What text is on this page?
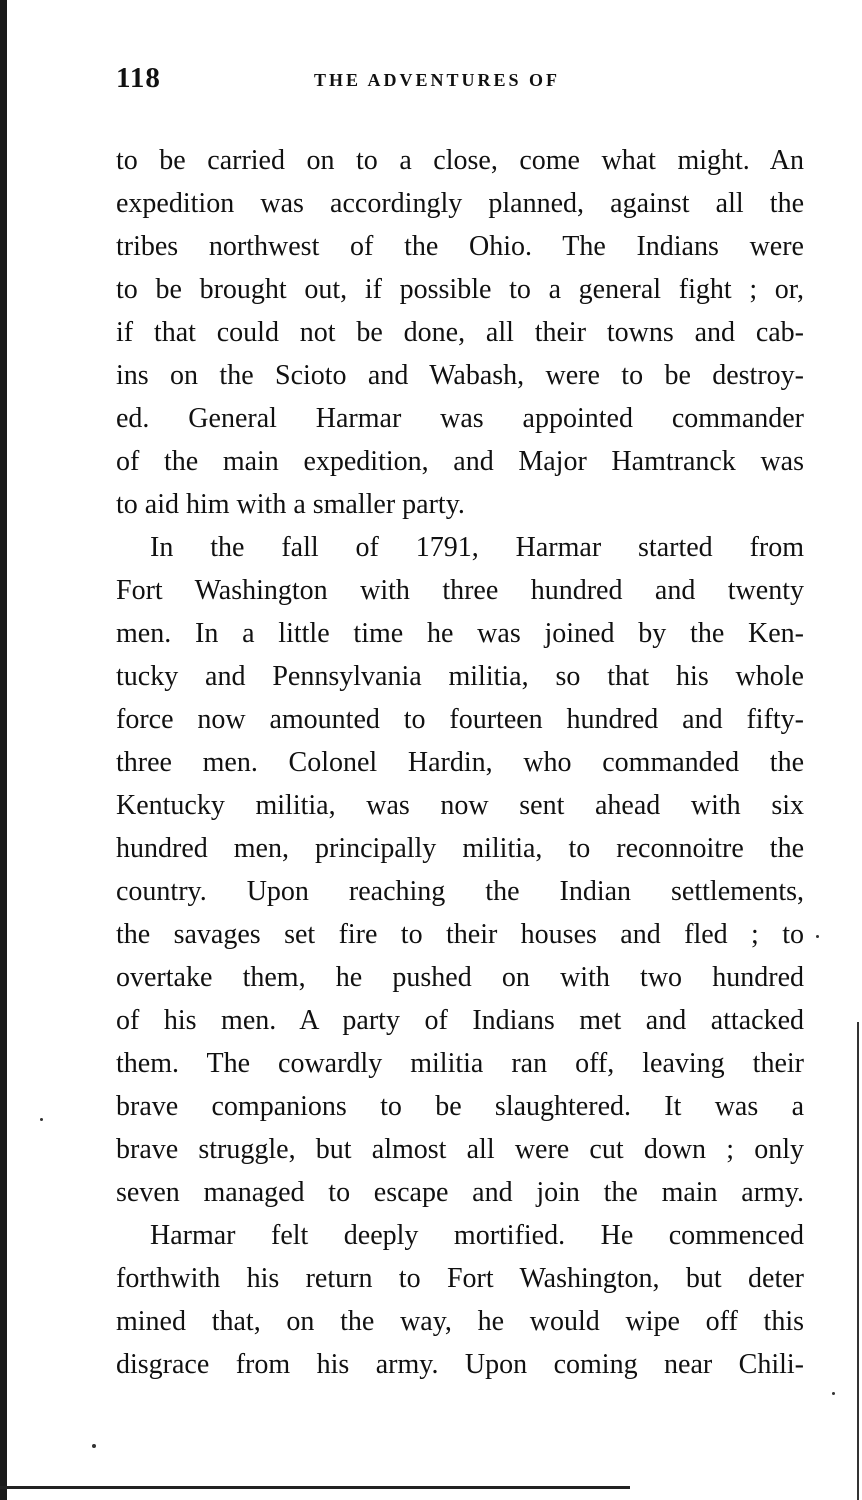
118	THE ADVENTURES OF
to be carried on to a close, come what might. An
expedition was accordingly planned, against all the
tribes northwest of the Ohio. The Indians were
to be brought out, if possible to a general fight ; or,
if that could not be done, all their towns and cab-
ins on the Scioto and Wabash, were to be destroy-
ed. General Harmar was appointed commander
of the main expedition, and Major Hamtranck was
to aid him with a smaller party.
In the fall of 1791, Harmar started from
Fort Washington with three hundred and twenty
men. In a little time he was joined by the Ken-
tucky and Pennsylvania militia, so that his whole
force now amounted to fourteen hundred and fifty-
three men. Colonel Hardin, who commanded the
Kentucky militia, was now sent ahead with six
hundred men, principally militia, to reconnoitre the
country. Upon reaching the Indian settlements,
the savages set fire to their houses and fled ; to
overtake them, he pushed on with two hundred
of his men. A party of Indians met and attacked
them. The cowardly militia ran off, leaving their
brave companions to be slaughtered. It was a
brave struggle, but almost all were cut down ; only
seven managed to escape and join the main army.
Harmar felt deeply mortified. He commenced
forthwith his return to Fort Washington, but deter
mined that, on the way, he would wipe off this
disgrace from his army. Upon coming near Chili-
